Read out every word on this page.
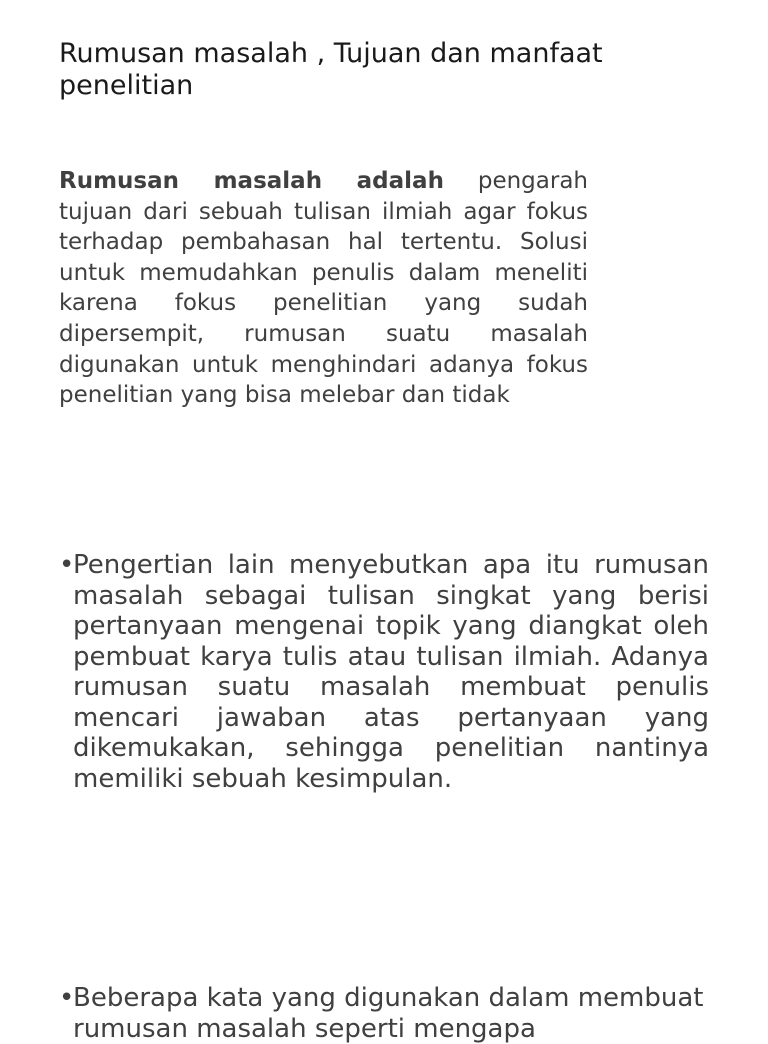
Rumusan masalah , Tujuan dan manfaat penelitian

Rumusan masalah adalah pengarah tujuan dari sebuah tulisan ilmiah agar fokus terhadap pembahasan hal tertentu. Solusi untuk memudahkan penulis dalam meneliti karena fokus penelitian yang sudah dipersempit, rumusan suatu masalah digunakan untuk menghindari adanya fokus penelitian yang bisa melebar dan tidak

•
Pengertian lain menyebutkan apa itu rumusan masalah sebagai tulisan singkat yang berisi pertanyaan mengenai topik yang diangkat oleh pembuat karya tulis atau tulisan ilmiah. Adanya rumusan suatu masalah membuat penulis mencari jawaban atas pertanyaan yang dikemukakan, sehingga penelitian nantinya memiliki sebuah kesimpulan.
•
Beberapa kata yang digunakan dalam membuat rumusan masalah seperti mengapa
